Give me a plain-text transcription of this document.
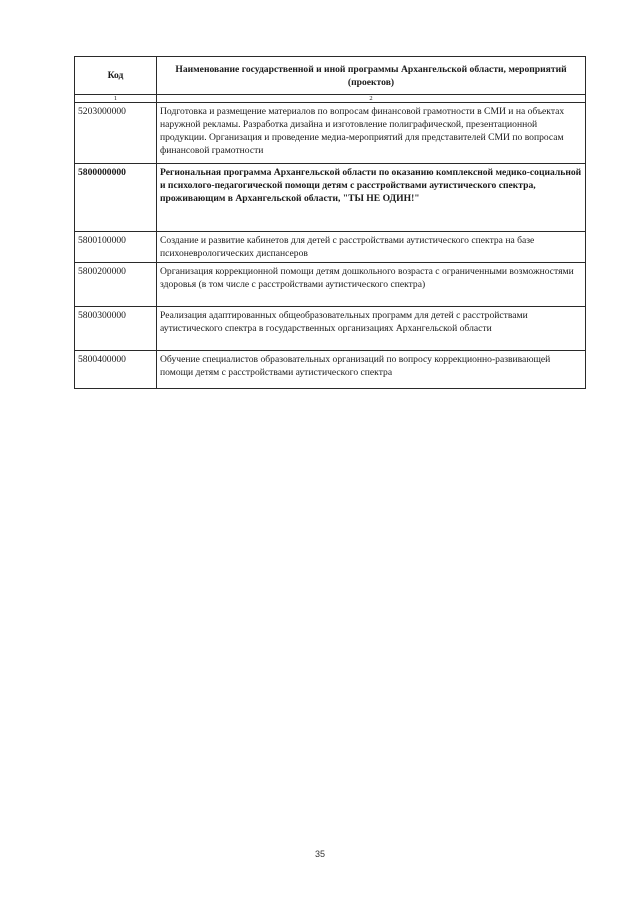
Код	Наименование государственной и иной программы Архангельской области, мероприятий (проектов)
1	2
5203000000	Подготовка и размещение материалов по вопросам финансовой грамотности в СМИ и на объектах наружной рекламы. Разработка дизайна и изготовление полиграфической, презентационной продукции. Организация и проведение медиа-мероприятий для представителей СМИ по вопросам финансовой грамотности
5800000000	Региональная программа Архангельской области по оказанию комплексной медико-социальной и психолого-педагогической помощи детям с расстройствами аутистического спектра, проживающим в Архангельской области, "ТЫ НЕ ОДИН!"
5800100000	Создание и развитие кабинетов для детей с расстройствами аутистического спектра на базе психоневрологических диспансеров
5800200000	Организация коррекционной помощи детям дошкольного возраста с ограниченными возможностями здоровья (в том числе с расстройствами аутистического спектра)
5800300000	Реализация адаптированных общеобразовательных программ для детей с расстройствами аутистического спектра в государственных организациях Архангельской области
5800400000	Обучение специалистов образовательных организаций по вопросу коррекционно-развивающей помощи детям с расстройствами аутистического спектра
35
